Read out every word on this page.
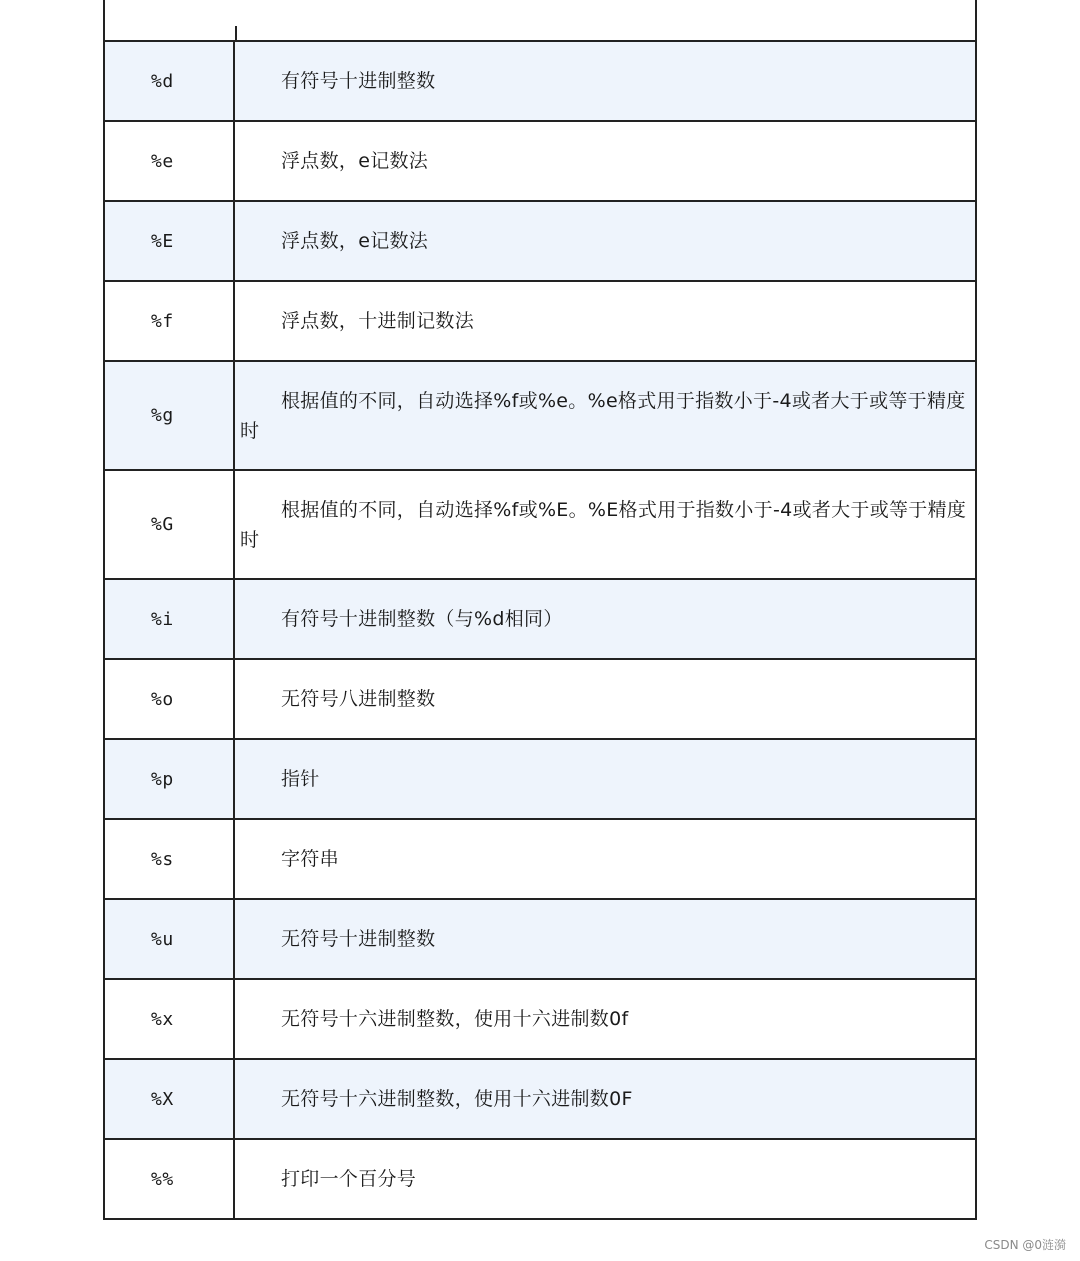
%d	有符号十进制整数
%e	浮点数，e记数法
%E	浮点数，e记数法
%f	浮点数，十进制记数法
%g	根据值的不同，自动选择%f或%e。%e格式用于指数小于-4或者大于或等于精度时
%G	根据值的不同，自动选择%f或%E。%E格式用于指数小于-4或者大于或等于精度时
%i	有符号十进制整数（与%d相同）
%o	无符号八进制整数
%p	指针
%s	字符串
%u	无符号十进制整数
%x	无符号十六进制整数，使用十六进制数0f
%X	无符号十六进制整数，使用十六进制数0F
%%	打印一个百分号
CSDN @0涟漪
